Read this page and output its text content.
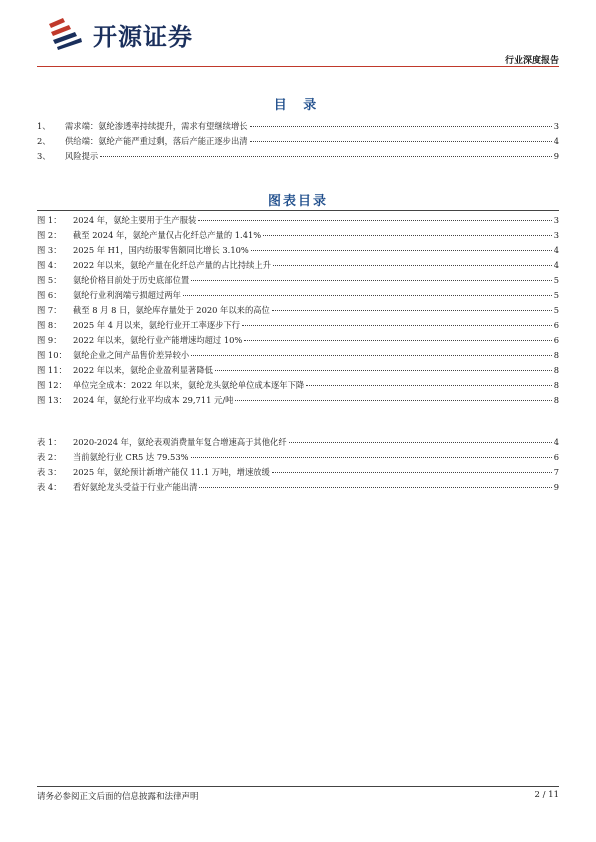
开源证券
行业深度报告
目 录
1、	需求端：氨纶渗透率持续提升，需求有望继续增长	3
2、	供给端：氨纶产能严重过剩，落后产能正逐步出清	4
3、	风险提示	9
图表目录
图 1：	2024 年，氨纶主要用于生产服装	3
图 2：	截至 2024 年，氨纶产量仅占化纤总产量的 1.41%	3
图 3：	2025 年 H1，国内纺服零售额同比增长 3.10%	4
图 4：	2022 年以来，氨纶产量在化纤总产量的占比持续上升	4
图 5：	氨纶价格目前处于历史底部位置	5
图 6：	氨纶行业利润端亏损超过两年	5
图 7：	截至 8 月 8 日，氨纶库存量处于 2020 年以来的高位	5
图 8：	2025 年 4 月以来，氨纶行业开工率逐步下行	6
图 9：	2022 年以来，氨纶行业产能增速均超过 10%	6
图 10： 氨纶企业之间产品售价差异较小	8
图 11： 2022 年以来，氨纶企业盈利显著降低	8
图 12： 单位完全成本：2022 年以来，氨纶龙头氨纶单位成本逐年下降	8
图 13： 2024 年，氨纶行业平均成本 29,711 元/吨	8
表 1：	2020-2024 年，氨纶表观消费量年复合增速高于其他化纤	4
表 2：	当前氨纶行业 CR5 达 79.53%	6
表 3：	2025 年，氨纶预计新增产能仅 11.1 万吨，增速放缓	7
表 4：	看好氨纶龙头受益于行业产能出清	9
请务必参阅正文后面的信息披露和法律声明	2 / 11
